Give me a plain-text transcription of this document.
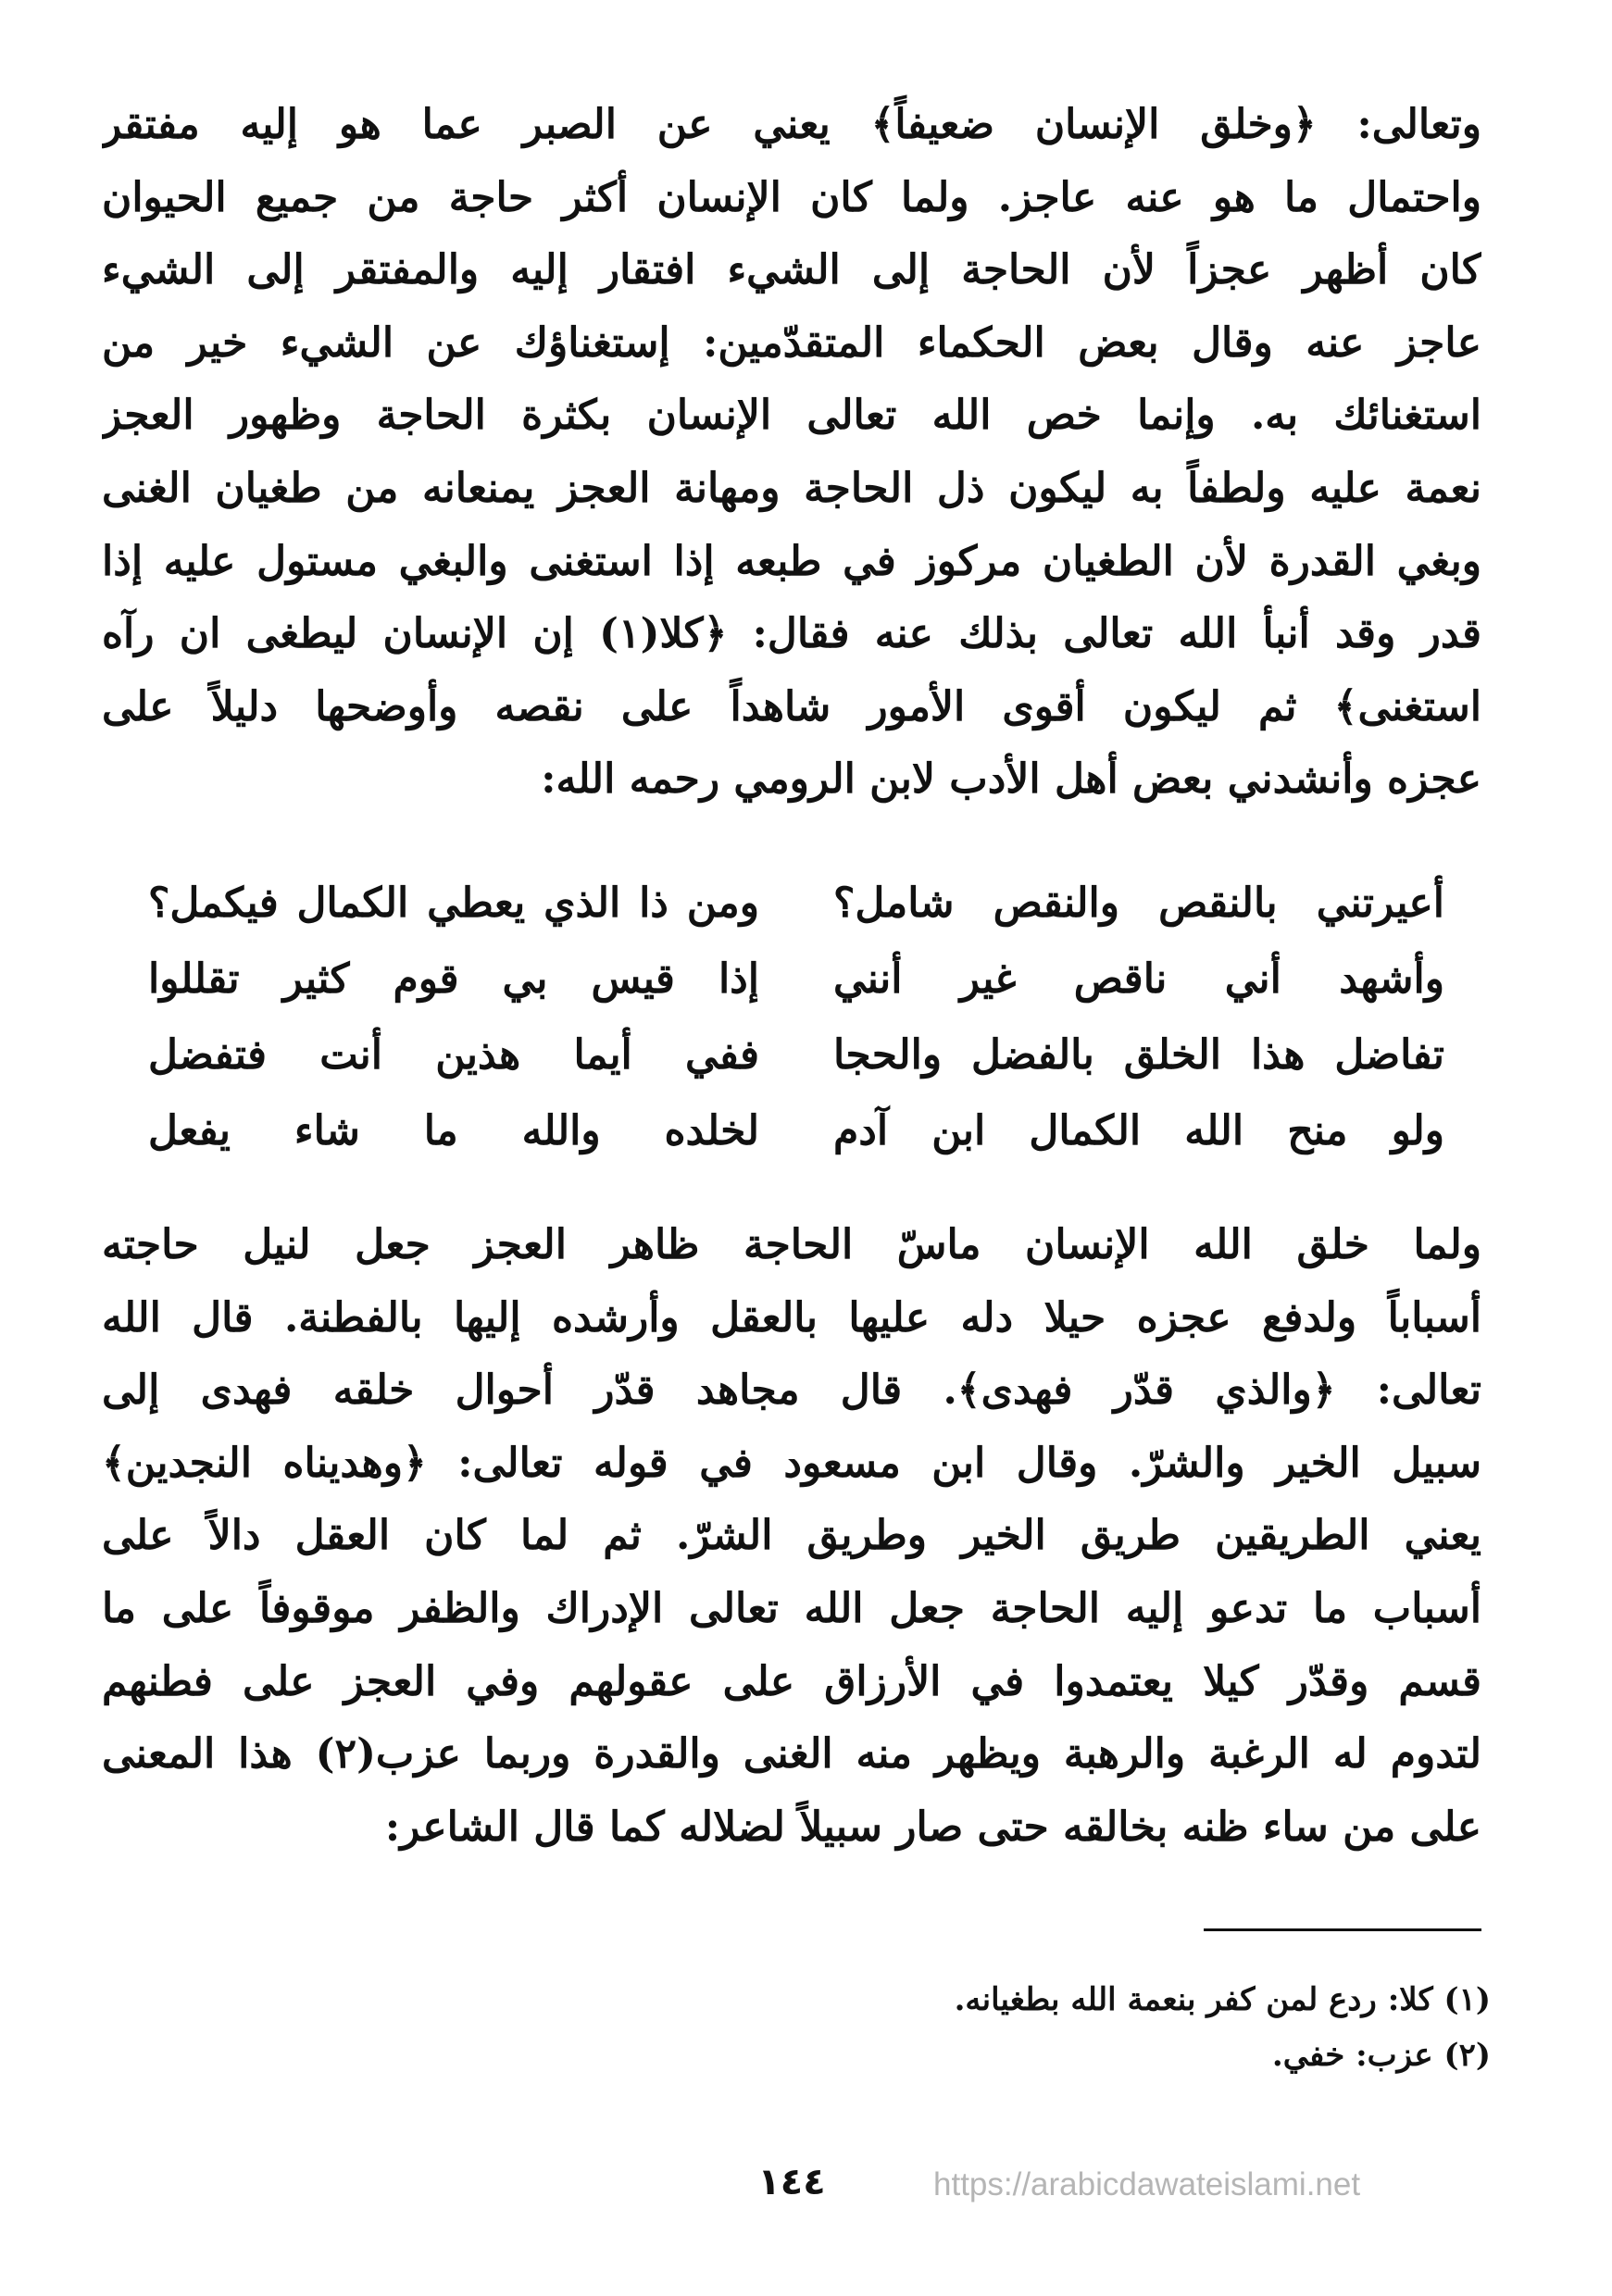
وتعالى: ﴿وخلق الإنسان ضعيفاً﴾ يعني عن الصبر عما هو إليه مفتقر
واحتمال ما هو عنه عاجز. ولما كان الإنسان أكثر حاجة من جميع الحيوان
كان أظهر عجزاً لأن الحاجة إلى الشيء افتقار إليه والمفتقر إلى الشيء
عاجز عنه وقال بعض الحكماء المتقدّمين: إستغناؤك عن الشيء خير من
استغنائك به. وإنما خص الله تعالى الإنسان بكثرة الحاجة وظهور العجز
نعمة عليه ولطفاً به ليكون ذل الحاجة ومهانة العجز يمنعانه من طغيان الغنى
وبغي القدرة لأن الطغيان مركوز في طبعه إذا استغنى والبغي مستول عليه إذا
قدر وقد أنبأ الله تعالى بذلك عنه فقال: ﴿كلا(١) إن الإنسان ليطغى ان رآه
استغنى﴾ ثم ليكون أقوى الأمور شاهداً على نقصه وأوضحها دليلاً على
عجزه وأنشدني بعض أهل الأدب لابن الرومي رحمه الله:
أعيرتني بالنقص والنقص شامل؟
ومن ذا الذي يعطي الكمال فيكمل؟
وأشهد أني ناقص غير أنني
إذا قيس بي قوم كثير تقللوا
تفاضل هذا الخلق بالفضل والحجا
ففي أيما هذين أنت فتفضل
ولو منح الله الكمال ابن آدم
لخلده والله ما شاء يفعل
ولما خلق الله الإنسان ماسّ الحاجة ظاهر العجز جعل لنيل حاجته
أسباباً ولدفع عجزه حيلا دله عليها بالعقل وأرشده إليها بالفطنة. قال الله
تعالى: ﴿والذي قدّر فهدى﴾. قال مجاهد قدّر أحوال خلقه فهدى إلى
سبيل الخير والشرّ. وقال ابن مسعود في قوله تعالى: ﴿وهديناه النجدين﴾
يعني الطريقين طريق الخير وطريق الشرّ. ثم لما كان العقل دالاً على
أسباب ما تدعو إليه الحاجة جعل الله تعالى الإدراك والظفر موقوفاً على ما
قسم وقدّر كيلا يعتمدوا في الأرزاق على عقولهم وفي العجز على فطنهم
لتدوم له الرغبة والرهبة ويظهر منه الغنى والقدرة وربما عزب(٢) هذا المعنى
على من ساء ظنه بخالقه حتى صار سبيلاً لضلاله كما قال الشاعر:
(١) كلا: ردع لمن كفر بنعمة الله بطغيانه.
(٢) عزب: خفي.
١٤٤	https://arabicdawateislami.net
